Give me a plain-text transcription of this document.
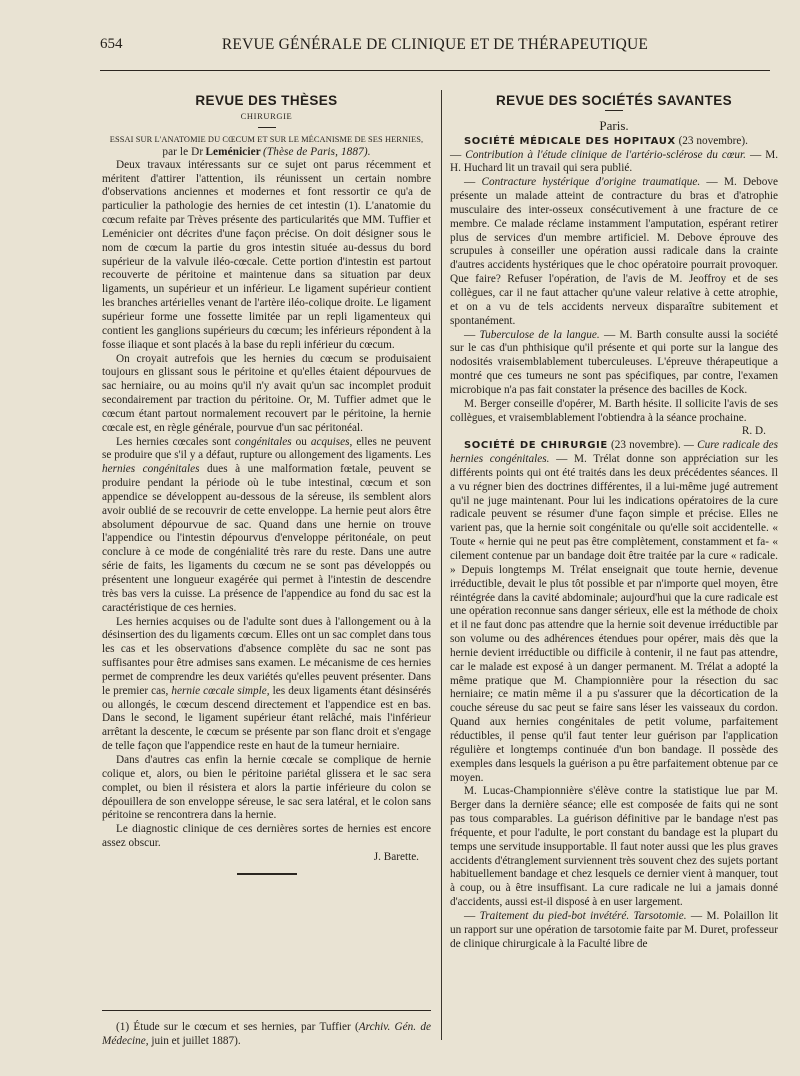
654	REVUE GÉNÉRALE DE CLINIQUE ET DE THÉRAPEUTIQUE
REVUE DES THÈSES
CHIRURGIE

ESSAI SUR L'ANATOMIE DU CŒCUM ET SUR LE MÉCANISME DE SES HERNIES, par le Dr Leménicier (Thèse de Paris, 1887).

Deux travaux intéressants sur ce sujet ont parus récemment et méritent d'attirer l'attention, ils réunissent un certain nombre d'observations anciennes et modernes et font ressortir ce qu'a de particulier la pathologie des hernies de cet intestin (1). L'anatomie du cœcum refaite par Trèves présente des particularités que MM. Tuffier et Leménicier ont décrites d'une façon précise. On doit désigner sous le nom de cœcum la partie du gros intestin située au-dessus du bord supérieur de la valvule iléo-cœcale. Cette portion d'intestin est partout recouverte de péritoine et maintenue dans sa situation par deux ligaments, un supérieur et un inférieur. Le ligament supérieur contient les branches artérielles venant de l'artère iléo-colique droite. Le ligament supérieur forme une fossette limitée par un repli ligamenteux qui contient les ganglions supérieurs du cœcum; les inférieurs répondent à la fosse iliaque et sont placés à la base du repli inférieur du cœcum.

On croyait autrefois que les hernies du cœcum se produisaient toujours en glissant sous le péritoine et qu'elles étaient dépourvues de sac herniaire, ou au moins qu'il n'y avait qu'un sac incomplet produit secondairement par traction du péritoine. Or, M. Tuffier admet que le cœcum étant partout normalement recouvert par le péritoine, la hernie cœcale est, en règle générale, pourvue d'un sac péritonéal.

Les hernies cœcales sont congénitales ou acquises, elles ne peuvent se produire que s'il y a défaut, rupture ou allongement des ligaments. Les hernies congénitales dues à une malformation fœtale, peuvent se produire pendant la période où le tube intestinal, cœcum et son appendice se développent au-dessous de la séreuse, ils semblent alors avoir oublié de se recouvrir de cette enveloppe. La hernie peut alors être absolument dépourvue de sac. Quand dans une hernie on trouve l'appendice ou l'intestin dépourvus d'enveloppe péritonéale, on peut conclure à ce mode de congénialité très rare du reste. Dans une autre série de faits, les ligaments du cœcum ne se sont pas développés ou présentent une longueur exagérée qui permet à l'intestin de descendre très bas vers la cuisse. La présence de l'appendice au fond du sac est la caractéristique de ces hernies.

Les hernies acquises ou de l'adulte sont dues à l'allongement ou à la désinsertion des du ligaments cœcum. Elles ont un sac complet dans tous les cas et les observations d'absence complète du sac ne sont pas suffisantes pour être admises sans examen. Le mécanisme de ces hernies permet de comprendre les deux variétés qu'elles peuvent présenter. Dans le premier cas, hernie cœcale simple, les deux ligaments étant désinsérés ou allongés, le cœcum descend directement et l'appendice est en bas. Dans le second, le ligament supérieur étant relâché, mais l'inférieur arrêtant la descente, le cœcum se présente par son flanc droit et s'engage de telle façon que l'appendice reste en haut de la tumeur herniaire.

Dans d'autres cas enfin la hernie cœcale se complique de hernie colique et, alors, ou bien le péritoine pariétal glissera et le sac sera complet, ou bien il résistera et alors la partie inférieure du colon se dépouillera de son enveloppe séreuse, le sac sera latéral, et le colon sans péritoine se rencontrera dans la hernie.

Le diagnostic clinique de ces dernières sortes de hernies est encore assez obscur.

J. Barette.

(1) Étude sur le cœcum et ses hernies, par Tuffier (Archiv. Gén. de Médecine, juin et juillet 1887).

REVUE DES SOCIÉTÉS SAVANTES
Paris.

SOCIÉTÉ MÉDICALE DES HOPITAUX (23 novembre).

— Contribution à l'étude clinique de l'artério-sclérose du cœur. — M. H. Huchard lit un travail qui sera publié.

— Contracture hystérique d'origine traumatique. — M. Debove présente un malade atteint de contracture du bras et d'atrophie musculaire des inter-osseux consécutivement à une fracture de ce membre. Ce malade réclame instamment l'amputation, espérant retirer plus de services d'un membre artificiel. M. Debove éprouve des scrupules à conseiller une opération aussi radicale dans la crainte d'autres accidents hystériques que le choc opératoire pourrait provoquer. Que faire? Refuser l'opération, de l'avis de M. Jeoffroy et de ses collègues, car il ne faut attacher qu'une valeur relative à cette atrophie, et on a vu de tels accidents nerveux disparaître subitement et spontanément.

— Tuberculose de la langue. — M. Barth consulte aussi la société sur le cas d'un phthisique qu'il présente et qui porte sur la langue des nodosités vraisemblablement tuberculeuses. L'épreuve thérapeutique a montré que ces tumeurs ne sont pas spécifiques, par contre, l'examen microbique n'a pas fait constater la présence des bacilles de Kock.

M. Berger conseille d'opérer, M. Barth hésite. Il sollicite l'avis de ses collègues, et vraisemblablement l'obtiendra à la séance prochaine.

R. D.

SOCIÉTÉ DE CHIRURGIE (23 novembre). — Cure radicale des hernies congénitales. — M. Trélat donne son appréciation sur les différents points qui ont été traités dans les deux précédentes séances. Il a vu régner bien des doctrines différentes, il a lui-même jugé autrement qu'il ne juge maintenant. Pour lui les indications opératoires de la cure radicale peuvent se résumer d'une façon simple et précise. Elles ne varient pas, que la hernie soit congénitale ou qu'elle soit accidentelle. « Toute « hernie qui ne peut pas être complètement, constamment et fa- « cilement contenue par un bandage doit être traitée par la cure « radicale. » Depuis longtemps M. Trélat enseignait que toute hernie, devenue irréductible, devait le plus tôt possible et par n'importe quel moyen, être réintégrée dans la cavité abdominale; aujourd'hui que la cure radicale est une opération reconnue sans danger sérieux, elle est la méthode de choix et il ne faut donc pas attendre que la hernie soit devenue irréductible par son volume ou des adhérences étendues pour opérer, mais dès que la hernie devient irréductible ou difficile à contenir, il ne faut pas attendre, car le malade est exposé à un danger permanent. M. Trélat a adopté la même pratique que M. Championnière pour la résection du sac herniaire; ce matin même il a pu s'assurer que la décortication de la couche séreuse du sac peut se faire sans léser les vaisseaux du cordon. Quand aux hernies congénitales de petit volume, parfaitement réductibles, il pense qu'il faut tenter leur guérison par l'application régulière et longtemps continuée d'un bon bandage. Il possède des exemples dans lesquels la guérison a pu être parfaitement obtenue par ce moyen.

M. Lucas-Championnière s'élève contre la statistique lue par M. Berger dans la dernière séance; elle est composée de faits qui ne sont pas tous comparables. La guérison définitive par le bandage n'est pas fréquente, et pour l'adulte, le port constant du bandage est la plupart du temps une servitude insupportable. Il faut noter aussi que les plus graves accidents d'étranglement surviennent très souvent chez des sujets portant habituellement bandage et chez lesquels ce dernier vient à manquer, tout à coup, ou à être insuffisant. La cure radicale ne lui a jamais donné d'accidents, aussi est-il disposé à en user largement.

— Traitement du pied-bot invétéré. Tarsotomie. — M. Polaillon lit un rapport sur une opération de tarsotomie faite par M. Duret, professeur de clinique chirurgicale à la Faculté libre de
